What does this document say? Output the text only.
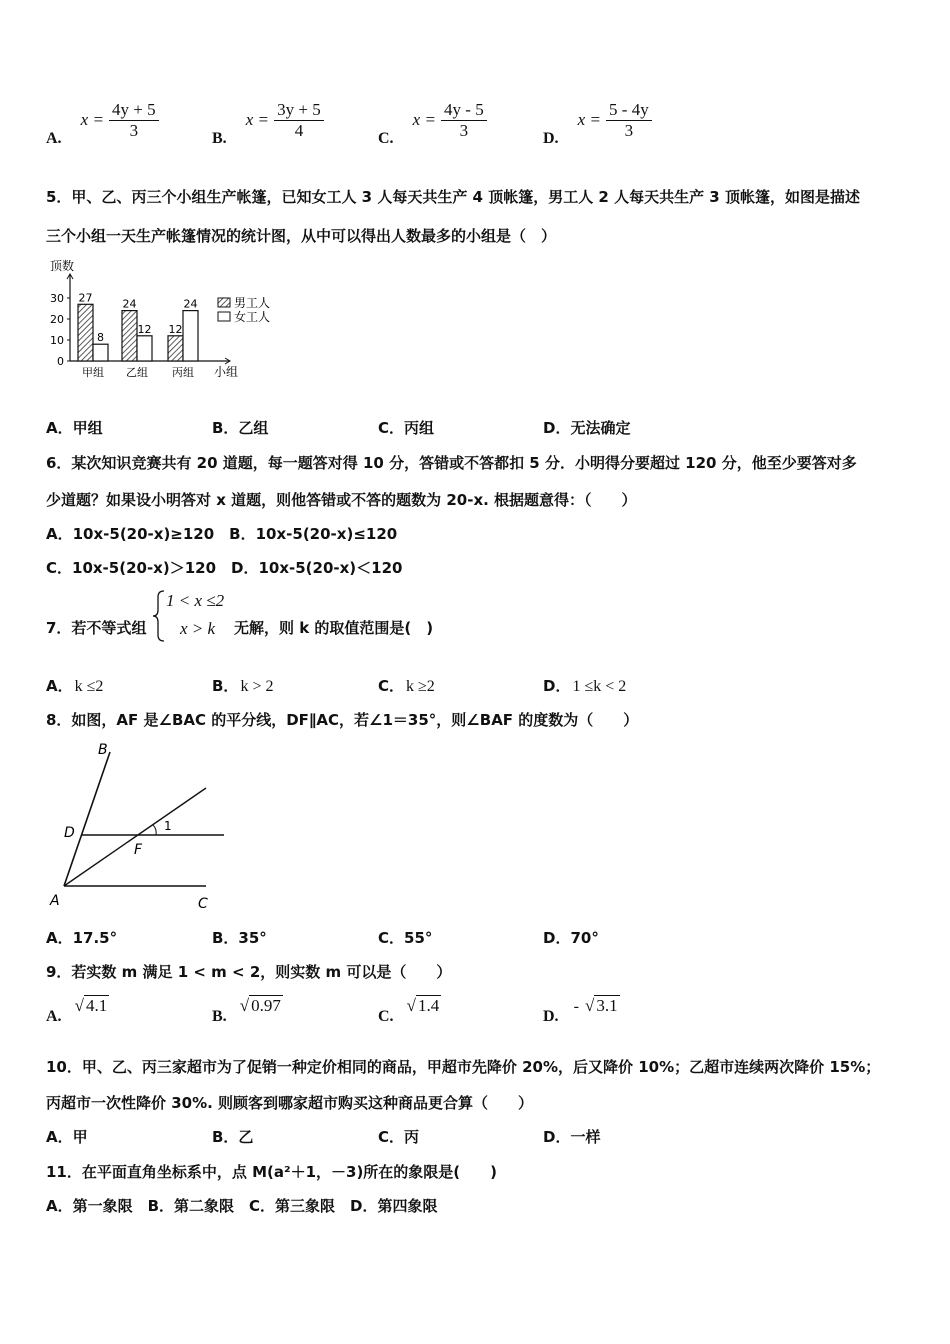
A. $x = \frac{4y + 5}{3}$	B. $x = \frac{3y + 5}{4}$	C. $x = \frac{4y - 5}{3}$	D. $x = \frac{5 - 4y}{3}$
5．甲、乙、丙三个小组生产帐篷，已知女工人 3 人每天共生产 4 顶帐篷，男工人 2 人每天共生产 3 顶帐篷，如图是描述
三个小组一天生产帐篷情况的统计图，从中可以得出人数最多的小组是（　）
顶数
小组
0
10
20
30 27
8
甲组
24
12
乙组
12
24
丙组
男工人
女工人
A．甲组	B．乙组	C．丙组	D．无法确定
6．某次知识竞赛共有 20 道题，每一题答对得 10 分，答错或不答都扣 5 分．小明得分要超过 120 分，他至少要答对多
少道题？如果设小明答对 x 道题，则他答错或不答的题数为 20-x. 根据题意得：（　　）
A．10x-5(20-x)≥120　B．10x-5(20-x)≤120
C．10x-5(20-x)＞120　D．10x-5(20-x)＜120
7．若不等式组
1 < x ≤2
x > k 无解，则 k 的取值范围是(　)
A． k ≤2	B． k > 2	C． k ≥2	D． 1 ≤k < 2
8．如图，AF 是∠BAC 的平分线，DF∥AC，若∠1＝35°，则∠BAF 的度数为（　　）
B
D
F
A	C
1
A．17.5°	B．35°	C．55°	D．70°
9．若实数 m 满足 1 < m < 2，则实数 m 可以是（　　）
A. √ 4.1
B. √ 0.97
C. √ 1.4
D. - √ 3.1
10．甲、乙、丙三家超市为了促销一种定价相同的商品，甲超市先降价 20%，后又降价 10%；乙超市连续两次降价 15%；
丙超市一次性降价 30%. 则顾客到哪家超市购买这种商品更合算（　　）
A．甲	B．乙	C．丙	D．一样
11．在平面直角坐标系中，点 M(a²＋1，－3)所在的象限是(　　)
A．第一象限　B．第二象限　C．第三象限　D．第四象限
